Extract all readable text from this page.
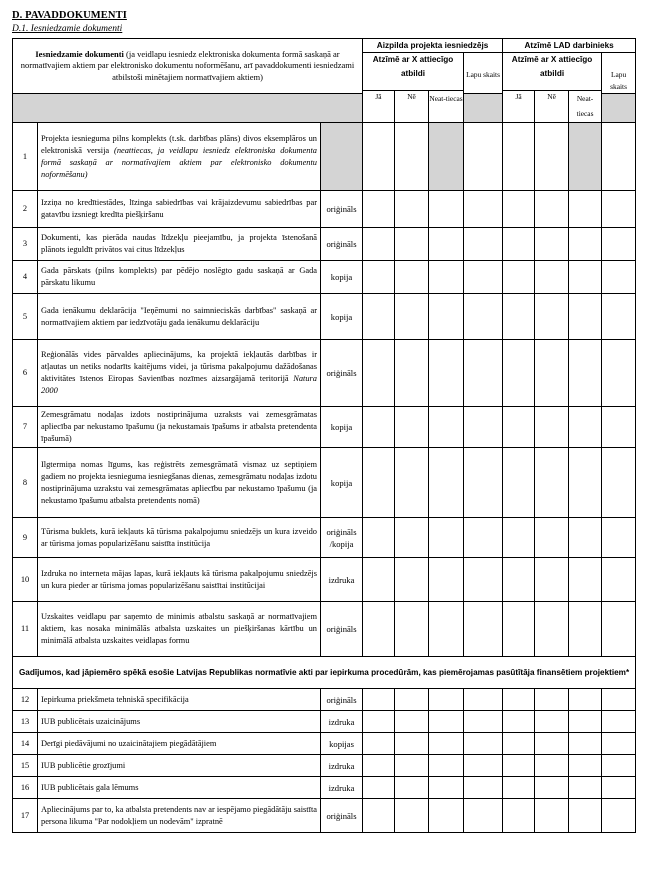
D. PAVADDOKUMENTI
D.1. Iesniedzamie dokumenti
Iesniedzamie dokumenti (ja veidlapu iesniedz elektroniska dokumenta formā saskaņā ar normatīvajiem aktiem par elektronisko dokumentu noformēšanu, arī pavaddokumenti iesniedzami atbilstoši minētajiem normatīvajiem aktiem)			Aizpilda projekta iesniedzējs				Atzīmē LAD darbinieks			
			Atzīmē ar X attiecīgo atbildi			Lapu skaits	Atzīmē ar X attiecīgo atbildi			Lapu skaits
			Jā	Nē	Neat-tiecas		Jā	Nē	Neat-tiecas	

1	Projekta iesnieguma pilns komplekts (t.sk. darbības plāns) divos eksemplāros un elektroniskā versija (neattiecas, ja veidlapu iesniedz elektroniska dokumenta formā saskaņā ar normatīvajiem aktiem par elektronisko dokumentu noformēšanu)									
2	Izziņa no kredītiestādes, līzinga sabiedrības vai krājaizdevumu sabiedrības par gatavību izsniegt kredīta piešķiršanu	oriģināls								
3	Dokumenti, kas pierāda naudas līdzekļu pieejamību, ja projekta īstenošanā plānots ieguldīt privātos vai citus līdzekļus	oriģināls								
4	Gada pārskats (pilns komplekts) par pēdējo noslēgto gadu saskaņā ar Gada pārskatu likumu	kopija								
5	Gada ienākumu deklarācija "Ieņēmumi no saimnieciskās darbības" saskaņā ar normatīvajiem aktiem par iedzīvotāju gada ienākumu deklarāciju	kopija								
6	Reģionālās vides pārvaldes apliecinājums, ka projektā iekļautās darbības ir atļautas un netiks nodarīts kaitējums videi, ja tūrisma pakalpojumu dažādošanas aktivitātes īstenos Eiropas Savienības nozīmes aizsargājamā teritorijā Natura 2000	oriģināls								
7	Zemesgrāmatu nodaļas izdots nostiprinājuma uzraksts vai zemesgrāmatas apliecība par nekustamo īpašumu (ja nekustamais īpašums ir atbalsta pretendenta īpašumā)	kopija								
8	Ilgtermiņa nomas līgums, kas reģistrēts zemesgrāmatā vismaz uz septiņiem gadiem no projekta iesnieguma iesniegšanas dienas, zemesgrāmatu nodaļas izdotu nostiprinājuma uzrakstu vai zemesgrāmatas apliecību par nekustamo īpašumu (ja nekustamo īpašumu atbalsta pretendents nomā)	kopija								
9	Tūrisma buklets, kurā iekļauts kā tūrisma pakalpojumu sniedzējs un kura izveido ar tūrisma jomas popularizēšanu saistīta institūcija	oriģināls /kopija								
10	Izdruka no interneta mājas lapas, kurā iekļauts kā tūrisma pakalpojumu sniedzējs un kura pieder ar tūrisma jomas popularizēšanu saistītai institūcijai	izdruka								
11	Uzskaites veidlapu par saņemto de minimis atbalstu saskaņā ar normatīvajiem aktiem, kas nosaka minimālās atbalsta uzskaites un piešķiršanas kārtību un minimālā atbalsta uzskaites veidlapas formu	oriģināls								
Gadījumos, kad jāpiemēro spēkā esošie Latvijas Republikas normatīvie akti par iepirkuma procedūrām, kas piemērojamas pasūtītāja finansētiem projektiem*										
12	Iepirkuma priekšmeta tehniskā specifikācija	oriģināls								
13	IUB publicētais uzaicinājums	izdruka								
14	Derīgi piedāvājumi no uzaicinātajiem piegādātājiem	kopijas								
15	IUB publicētie grozījumi	izdruka								
16	IUB publicētais gala lēmums	izdruka								
17	Apliecinājums par to, ka atbalsta pretendents nav ar iespējamo piegādātāju saistīta persona likuma "Par nodokļiem un nodevām" izpratnē	oriģināls								
